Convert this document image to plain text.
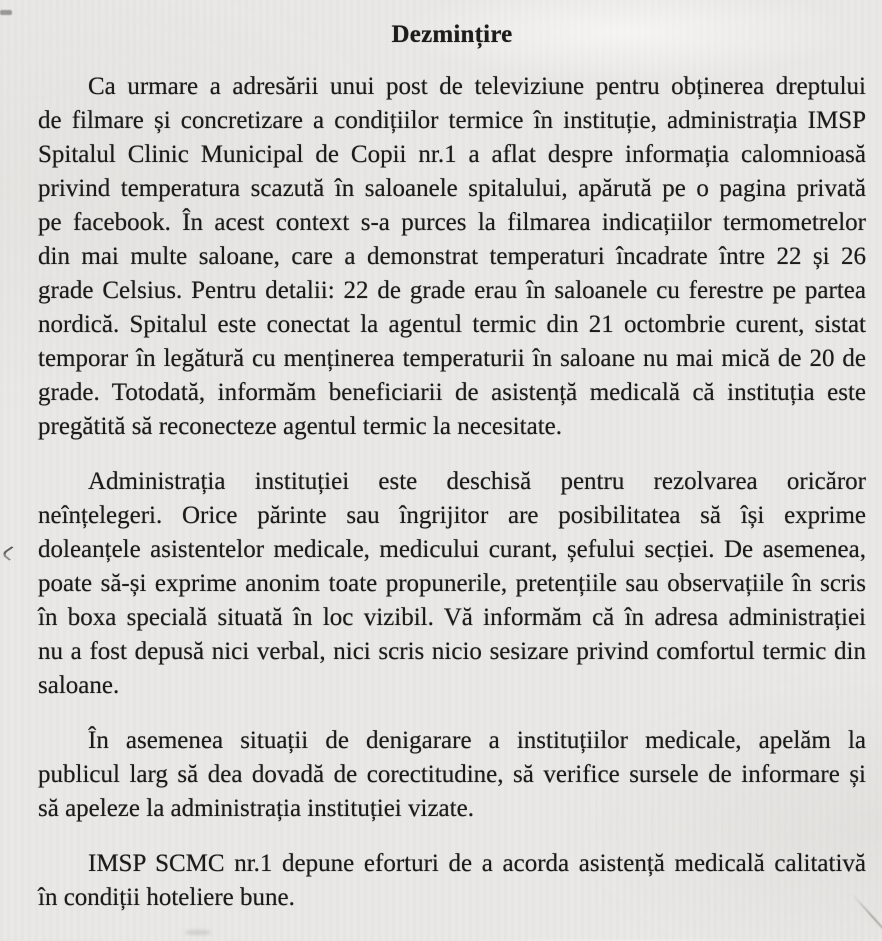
Dezmințire
Ca urmare a adresării unui post de televiziune pentru obținerea dreptului
de filmare și concretizare a condițiilor termice în instituție, administrația IMSP
Spitalul Clinic Municipal de Copii nr.1 a aflat despre informația calomnioasă
privind temperatura scazută în saloanele spitalului, apărută pe o pagina privată
pe facebook. În acest context s-a purces la filmarea indicațiilor termometrelor
din mai multe saloane, care a demonstrat temperaturi încadrate între 22 și 26
grade Celsius. Pentru detalii: 22 de grade erau în saloanele cu ferestre pe partea
nordică. Spitalul este conectat la agentul termic din 21 octombrie curent, sistat
temporar în legătură cu menținerea temperaturii în saloane nu mai mică de 20 de
grade. Totodată, informăm beneficiarii de asistență medicală că instituția este
pregătită să reconecteze agentul termic la necesitate.
Administrația instituției este deschisă pentru rezolvarea oricăror
neînțelegeri. Orice părinte sau îngrijitor are posibilitatea să își exprime
doleanțele asistentelor medicale, medicului curant, șefului secției. De asemenea,
poate să-și exprime anonim toate propunerile, pretențiile sau observațiile în scris
în boxa specială situată în loc vizibil. Vă informăm că în adresa administrației
nu a fost depusă nici verbal, nici scris nicio sesizare privind comfortul termic din
saloane.
În asemenea situații de denigarare a instituțiilor medicale, apelăm la
publicul larg să dea dovadă de corectitudine, să verifice sursele de informare și
să apeleze la administrația instituției vizate.
IMSP SCMC nr.1 depune eforturi de a acorda asistență medicală calitativă
în condiții hoteliere bune.
